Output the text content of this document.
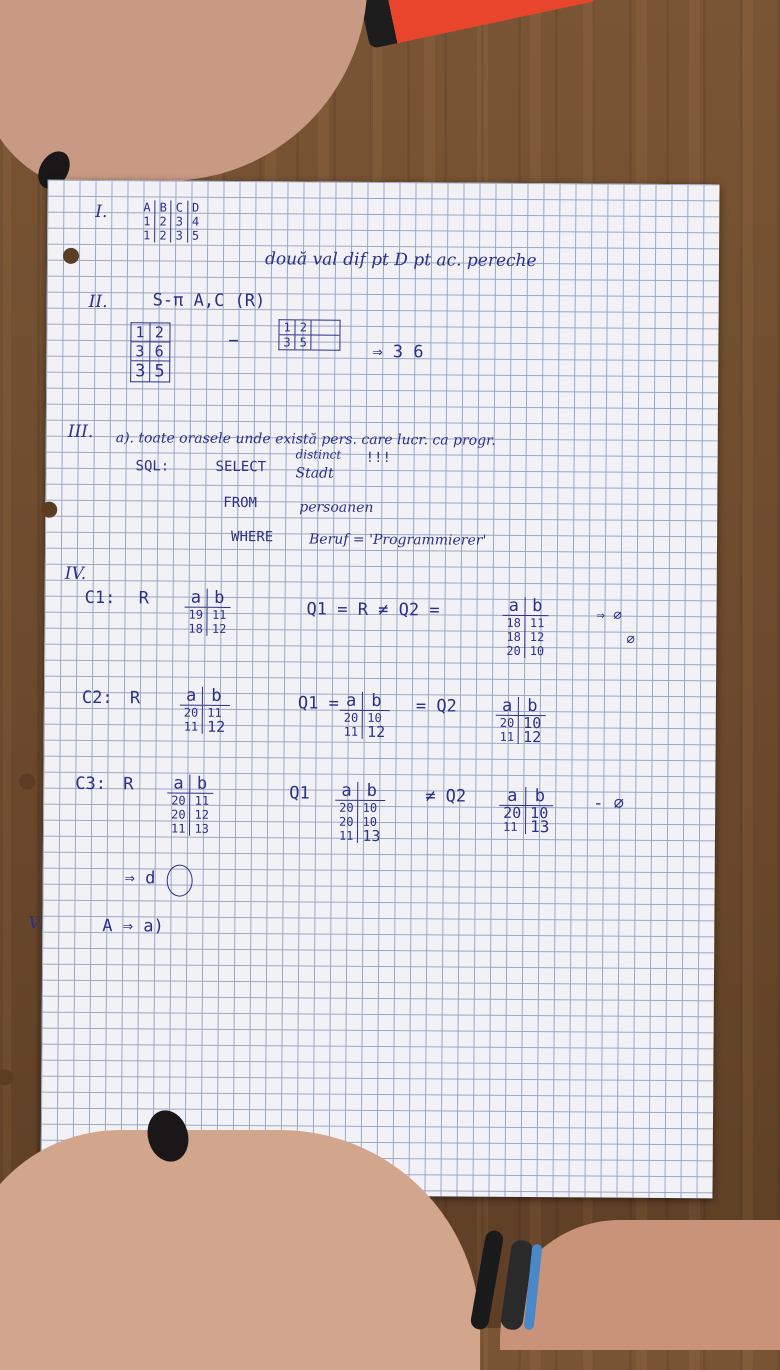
I.	A	B	C	D
1	2	3	4
1	2	3	5
două val dif pt D pt ac. pereche
II.	S-π A,C (R)
1	2
3	6
3	5
−
1	2	
3	5		⇒ 3 6
III. a). toate orasele unde există pers. care lucr. ca progr.
SQL:	SELECT
distinct
Stadt
!!!
FROM	persoanen
WHERE	Beruf = 'Programmierer'
IV.
C1: R a	b
19	11
18	12
Q1 = R ≠ Q2 =	a	b
18	11
18	12
20	10
⇒ ∅
∅
C2: R	a	b
20	11
11	12
Q1 = a	b
20	10
11	12
= Q2	a	b
20	10
11	12
C3: R a	b
20	11
20	12
11	13
Q1 a	b
20	10
20	10
11	13
≠ Q2 a	b
20	10
11	13
- ∅
⇒ d
V.	A ⇒ a)
